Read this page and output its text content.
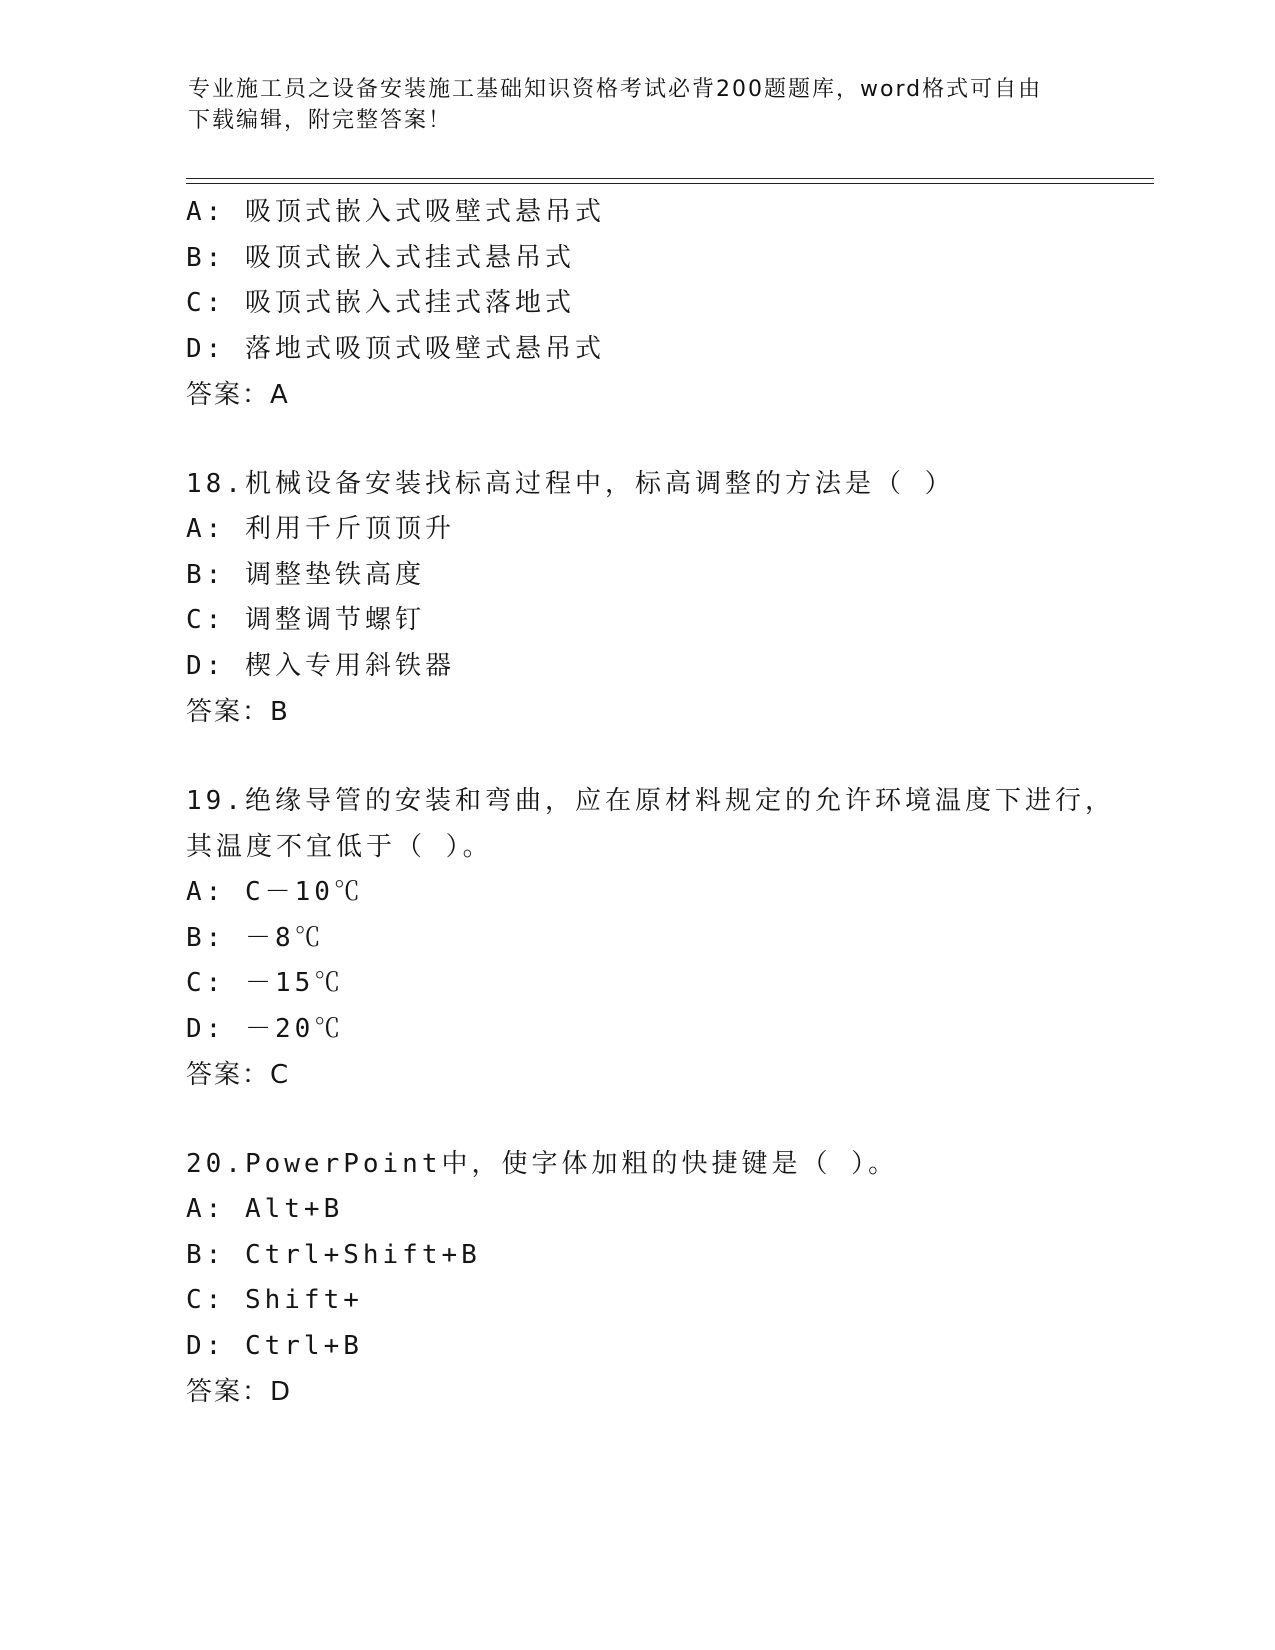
专业施工员之设备安装施工基础知识资格考试必背200题题库，word格式可自由
下载编辑，附完整答案！
A: 吸顶式嵌入式吸壁式悬吊式
B: 吸顶式嵌入式挂式悬吊式
C: 吸顶式嵌入式挂式落地式
D: 落地式吸顶式吸壁式悬吊式
答案：A
18.机械设备安装找标高过程中，标高调整的方法是（ ）
A: 利用千斤顶顶升
B: 调整垫铁高度
C: 调整调节螺钉
D: 楔入专用斜铁器
答案：B
19.绝缘导管的安装和弯曲，应在原材料规定的允许环境温度下进行，
其温度不宜低于（ ）。
A: C－10℃
B: －8℃
C: －15℃
D: －20℃
答案：C
20.PowerPoint中，使字体加粗的快捷键是（ ）。
A: Alt+B
B: Ctrl+Shift+B
C: Shift+
D: Ctrl+B
答案：D
